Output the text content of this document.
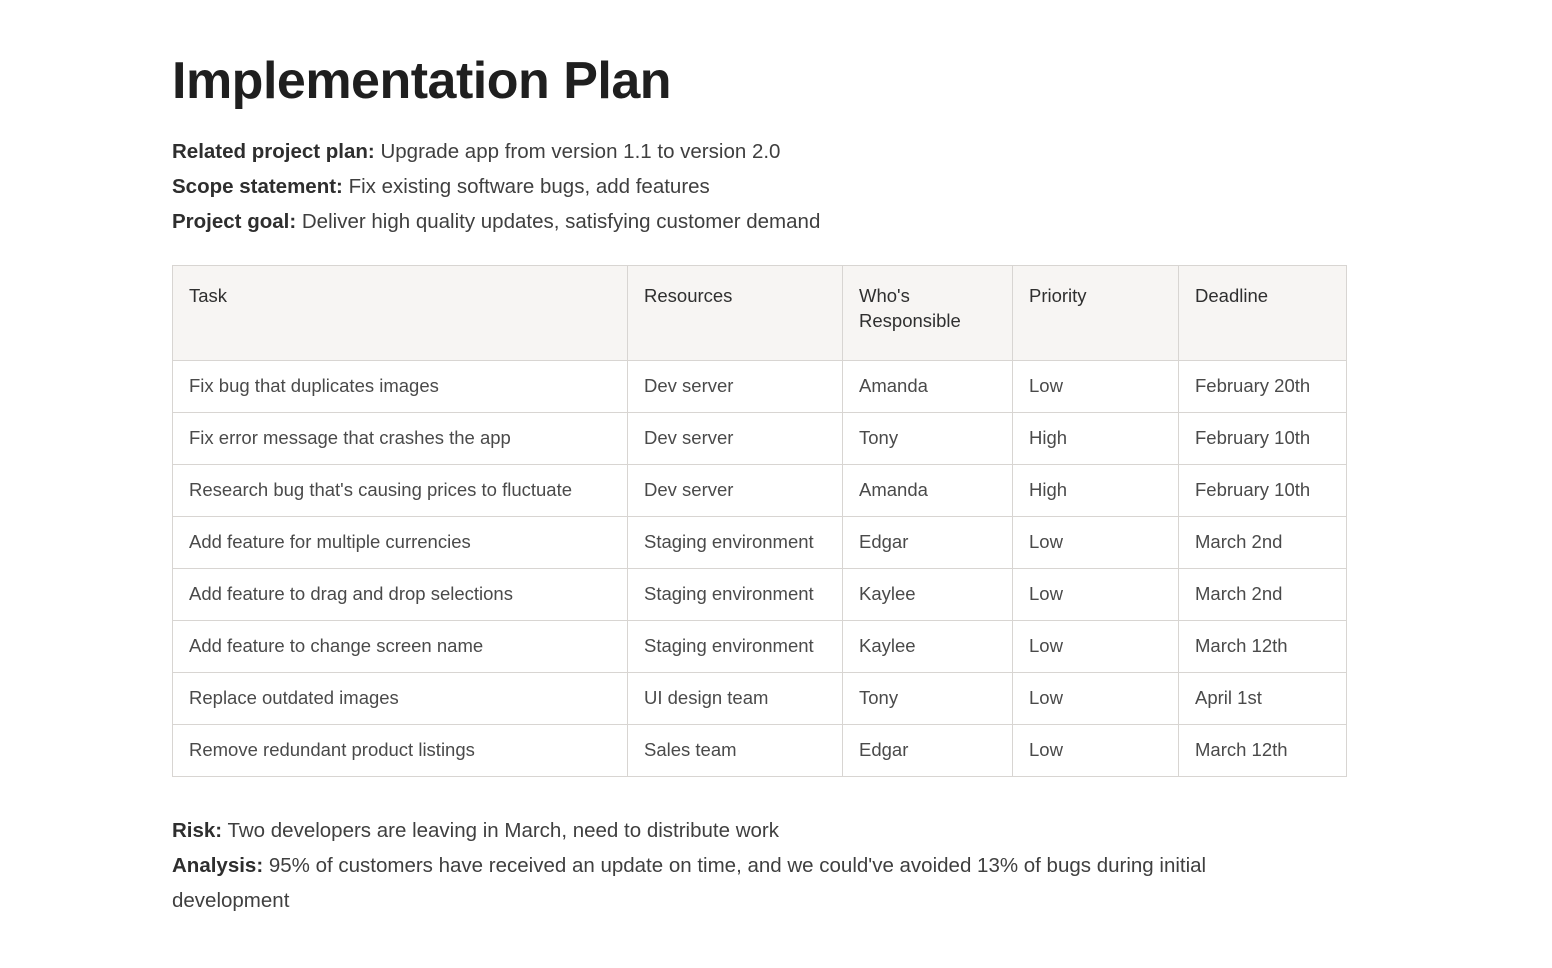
Implementation Plan
Related project plan: Upgrade app from version 1.1 to version 2.0
Scope statement: Fix existing software bugs, add features
Project goal: Deliver high quality updates, satisfying customer demand
Task	Resources	Who's Responsible	Priority	Deadline
Fix bug that duplicates images	Dev server	Amanda	Low	February 20th
Fix error message that crashes the app	Dev server	Tony	High	February 10th
Research bug that's causing prices to fluctuate	Dev server	Amanda	High	February 10th
Add feature for multiple currencies	Staging environment	Edgar	Low	March 2nd
Add feature to drag and drop selections	Staging environment	Kaylee	Low	March 2nd
Add feature to change screen name	Staging environment	Kaylee	Low	March 12th
Replace outdated images	UI design team	Tony	Low	April 1st
Remove redundant product listings	Sales team	Edgar	Low	March 12th
Risk: Two developers are leaving in March, need to distribute work
Analysis: 95% of customers have received an update on time, and we could've avoided 13% of bugs during initial development
